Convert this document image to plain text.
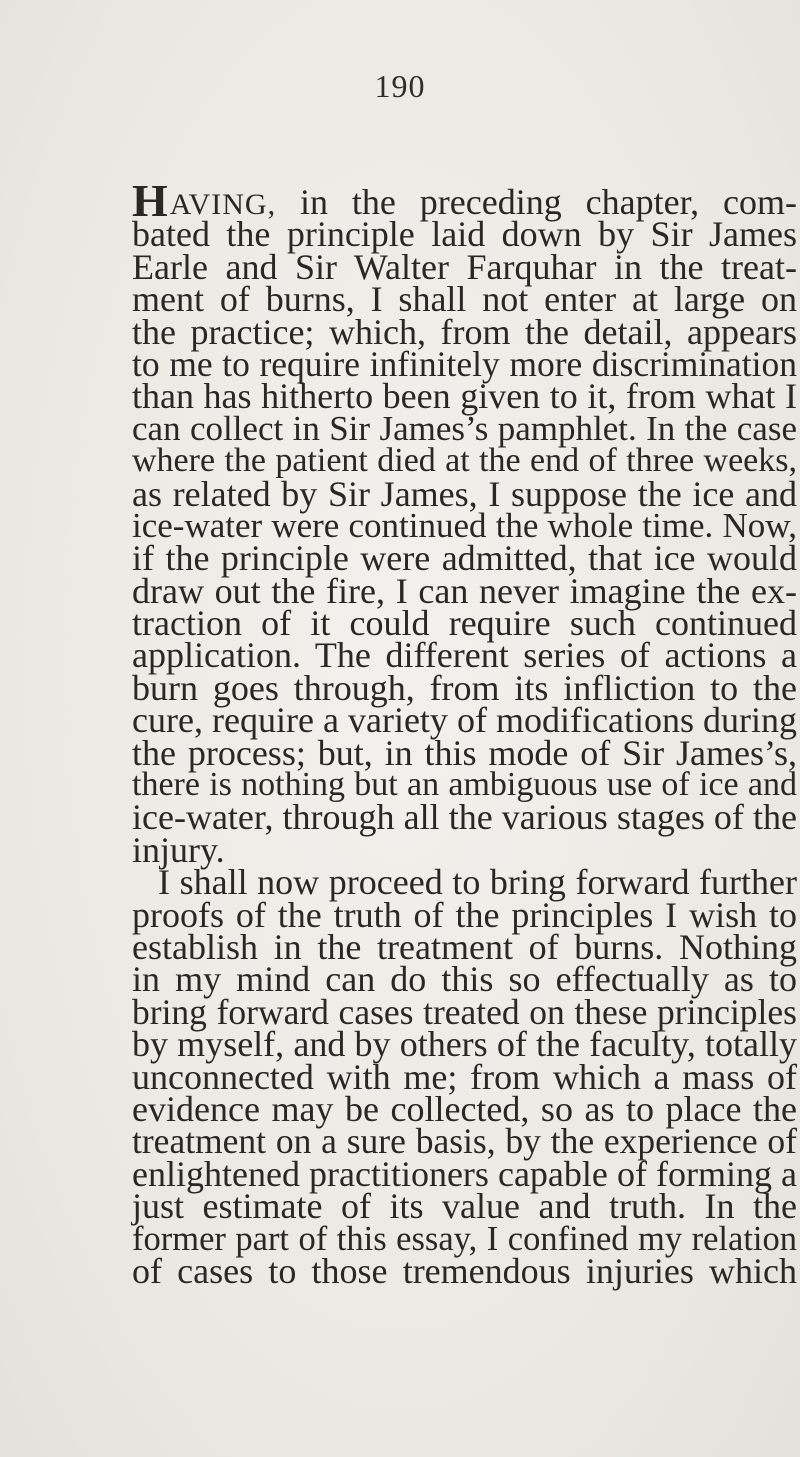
190
HAVING, in the preceding chapter, com-
bated the principle laid down by Sir James
Earle and Sir Walter Farquhar in the treat-
ment of burns, I shall not enter at large on
the practice; which, from the detail, appears
to me to require infinitely more discrimination
than has hitherto been given to it, from what I
can collect in Sir James’s pamphlet. In the case
where the patient died at the end of three weeks,
as related by Sir James, I suppose the ice and
ice-water were continued the whole time. Now,
if the principle were admitted, that ice would
draw out the fire, I can never imagine the ex-
traction of it could require such continued
application. The different series of actions a
burn goes through, from its infliction to the
cure, require a variety of modifications during
the process; but, in this mode of Sir James’s,
there is nothing but an ambiguous use of ice and
ice-water, through all the various stages of the
injury.
I shall now proceed to bring forward further
proofs of the truth of the principles I wish to
establish in the treatment of burns. Nothing
in my mind can do this so effectually as to
bring forward cases treated on these principles
by myself, and by others of the faculty, totally
unconnected with me; from which a mass of
evidence may be collected, so as to place the
treatment on a sure basis, by the experience of
enlightened practitioners capable of forming a
just estimate of its value and truth. In the
former part of this essay, I confined my relation
of cases to those tremendous injuries which
